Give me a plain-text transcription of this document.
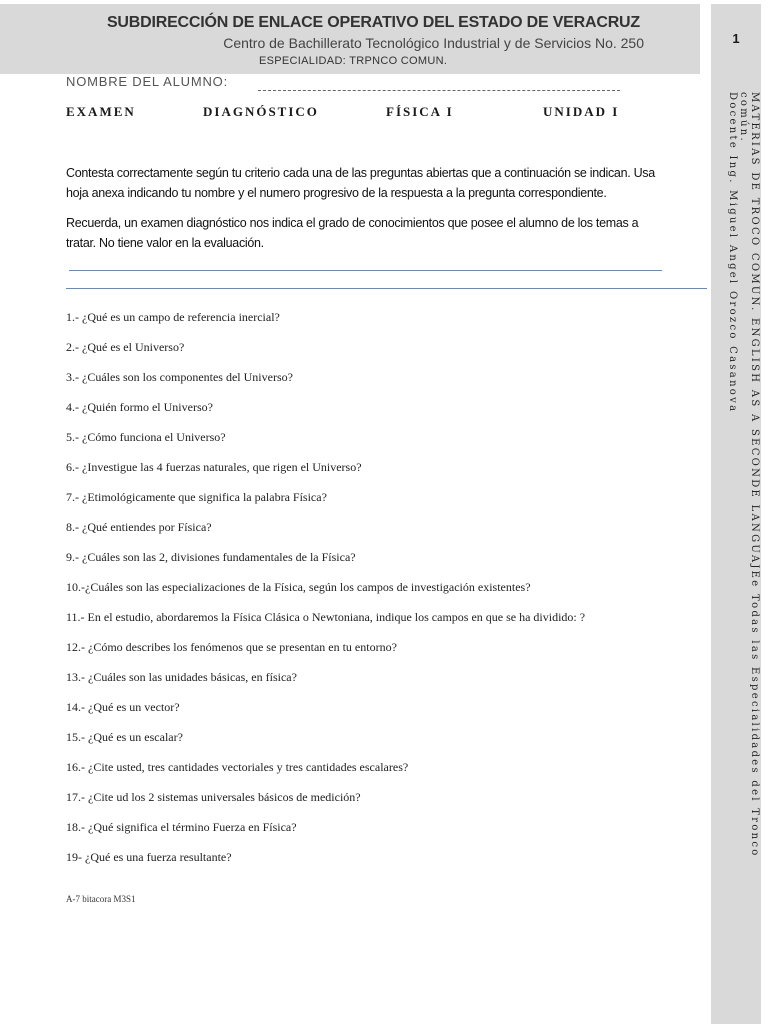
SUBDIRECCIÓN DE ENLACE OPERATIVO DEL ESTADO DE VERACRUZ
Centro de Bachillerato Tecnológico Industrial y de Servicios No. 250
ESPECIALIDAD: TRPNCO COMUN.
1
MATERIAS DE TROCO COMUN. ENGLISH AS A SECONDE LANGUAJEe Todas las Especialidades del Tronco
común.
Docente Ing. Miguel Angel Orozco Casanova
NOMBRE DEL ALUMNO:
EXAMEN	DIAGNÓSTICO	FÍSICA I	UNIDAD I
Contesta correctamente según tu criterio cada una de las preguntas abiertas que a continuación se indican. Usa hoja anexa indicando tu nombre y el numero progresivo de la respuesta a la pregunta correspondiente.
Recuerda, un examen diagnóstico nos indica el grado de conocimientos que posee el alumno de los temas a tratar. No tiene valor en la evaluación.
1.- ¿Qué es un campo de referencia inercial?
2.- ¿Qué es el Universo?
3.- ¿Cuáles son los componentes del Universo?
4.- ¿Quién formo el Universo?
5.- ¿Cómo funciona el Universo?
6.- ¿Investigue las 4 fuerzas naturales, que rigen el Universo?
7.- ¿Etimológicamente que significa la palabra Física?
8.- ¿Qué entiendes por Física?
9.- ¿Cuáles son las 2, divisiones fundamentales de la Física?
10.-¿Cuáles son las especializaciones de la Física, según los campos de investigación existentes?
11.- En el estudio, abordaremos la Física Clásica o Newtoniana, indique los campos en que se ha dividido: ?
12.- ¿Cómo describes los fenómenos que se presentan en tu entorno?
13.- ¿Cuáles son las unidades básicas, en física?
14.- ¿Qué es un vector?
15.- ¿Qué es un escalar?
16.- ¿Cite usted, tres cantidades vectoriales y tres cantidades escalares?
17.- ¿Cite ud los 2 sistemas universales básicos de medición?
18.- ¿Qué significa el término Fuerza en Física?
19- ¿Qué es una fuerza resultante?
A-7 bitacora M3S1
